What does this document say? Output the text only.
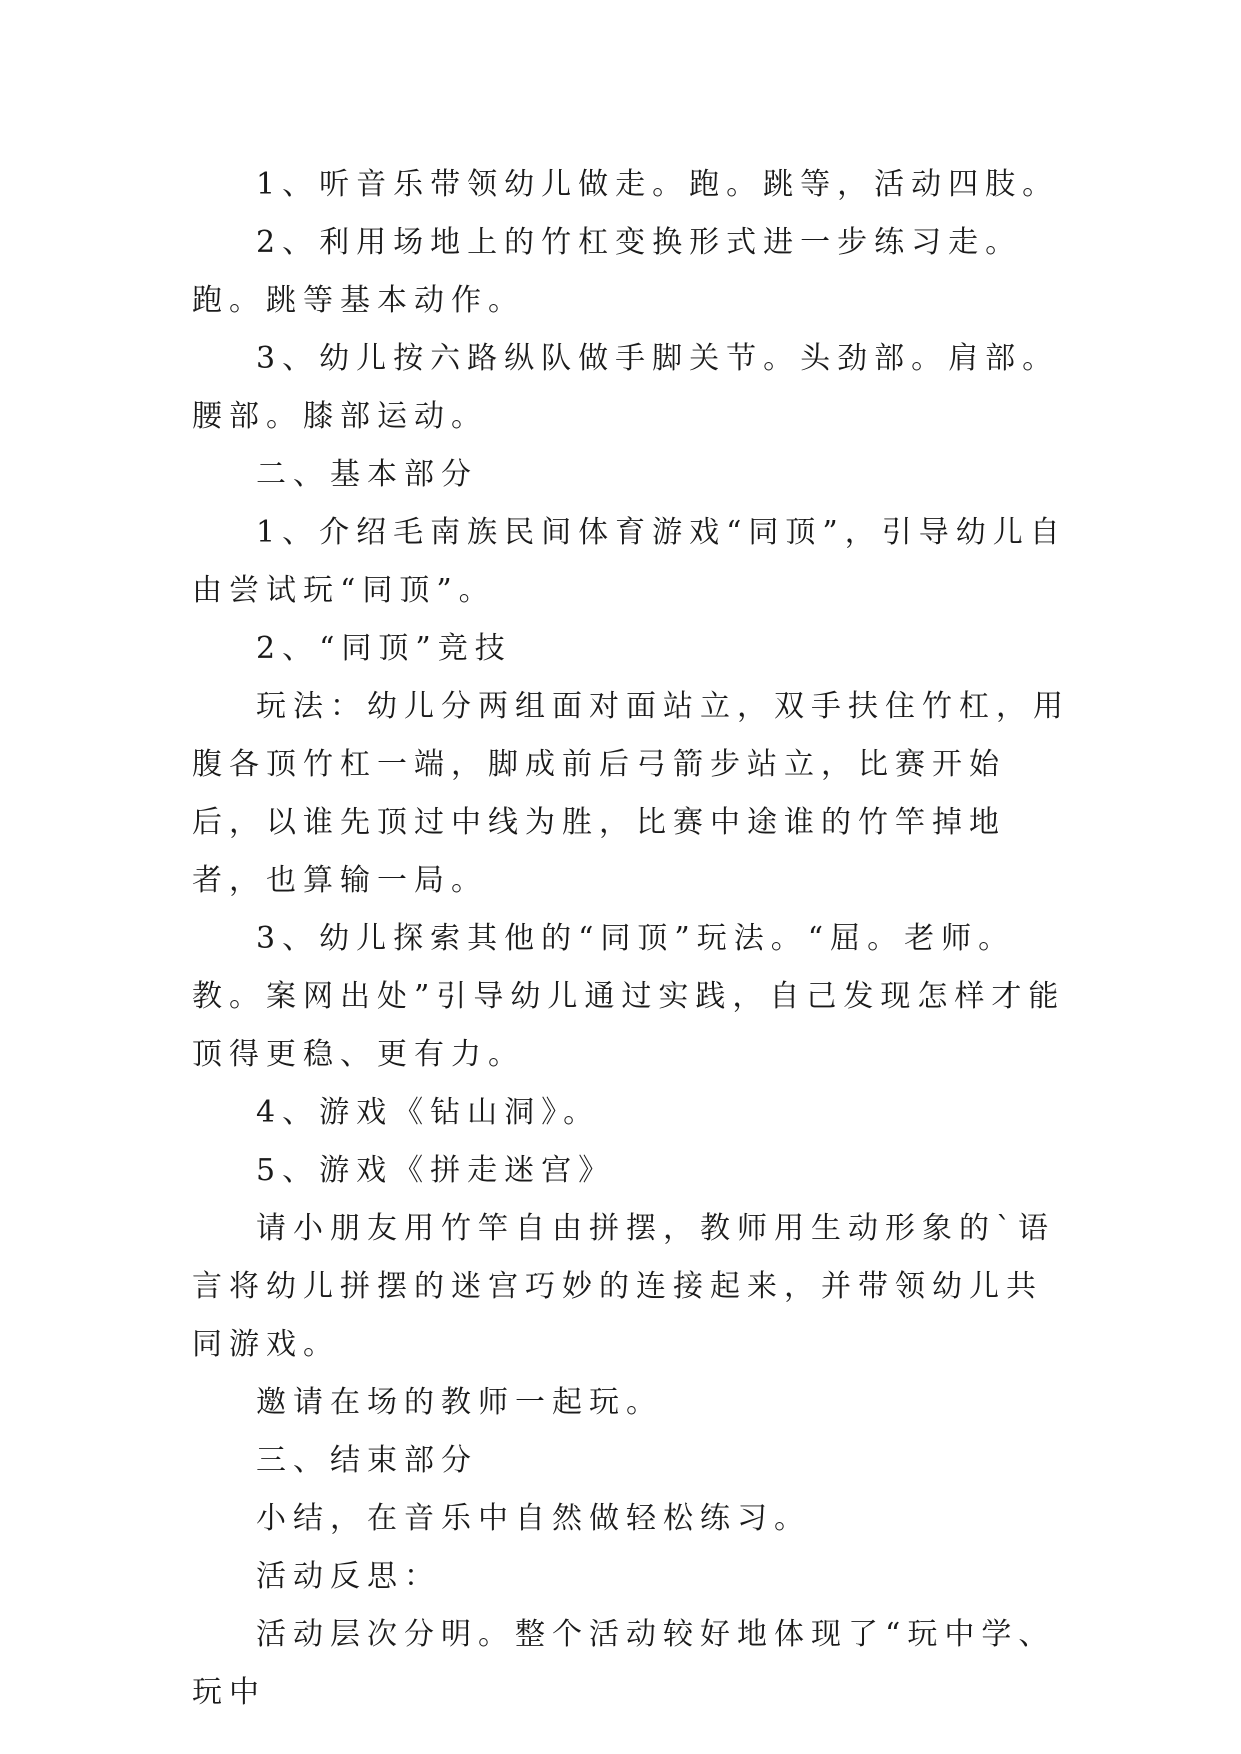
1、听音乐带领幼儿做走。跑。跳等，活动四肢。

2、利用场地上的竹杠变换形式进一步练习走。跑。跳等基本动作。

3、幼儿按六路纵队做手脚关节。头劲部。肩部。腰部。膝部运动。

二、基本部分

1、介绍毛南族民间体育游戏“同顶”，引导幼儿自由尝试玩“同顶”。

2、“同顶”竞技

玩法：幼儿分两组面对面站立，双手扶住竹杠，用腹各顶竹杠一端，脚成前后弓箭步站立，比赛开始后，以谁先顶过中线为胜，比赛中途谁的竹竿掉地者，也算输一局。

3、幼儿探索其他的“同顶”玩法。“屈。老师。教。案网出处”引导幼儿通过实践，自己发现怎样才能顶得更稳、更有力。

4、游戏《钻山洞》。

5、游戏《拼走迷宫》

请小朋友用竹竿自由拼摆，教师用生动形象的`语言将幼儿拼摆的迷宫巧妙的连接起来，并带领幼儿共同游戏。

邀请在场的教师一起玩。

三、结束部分

小结，在音乐中自然做轻松练习。

活动反思：

活动层次分明。整个活动较好地体现了“玩中学、玩中
